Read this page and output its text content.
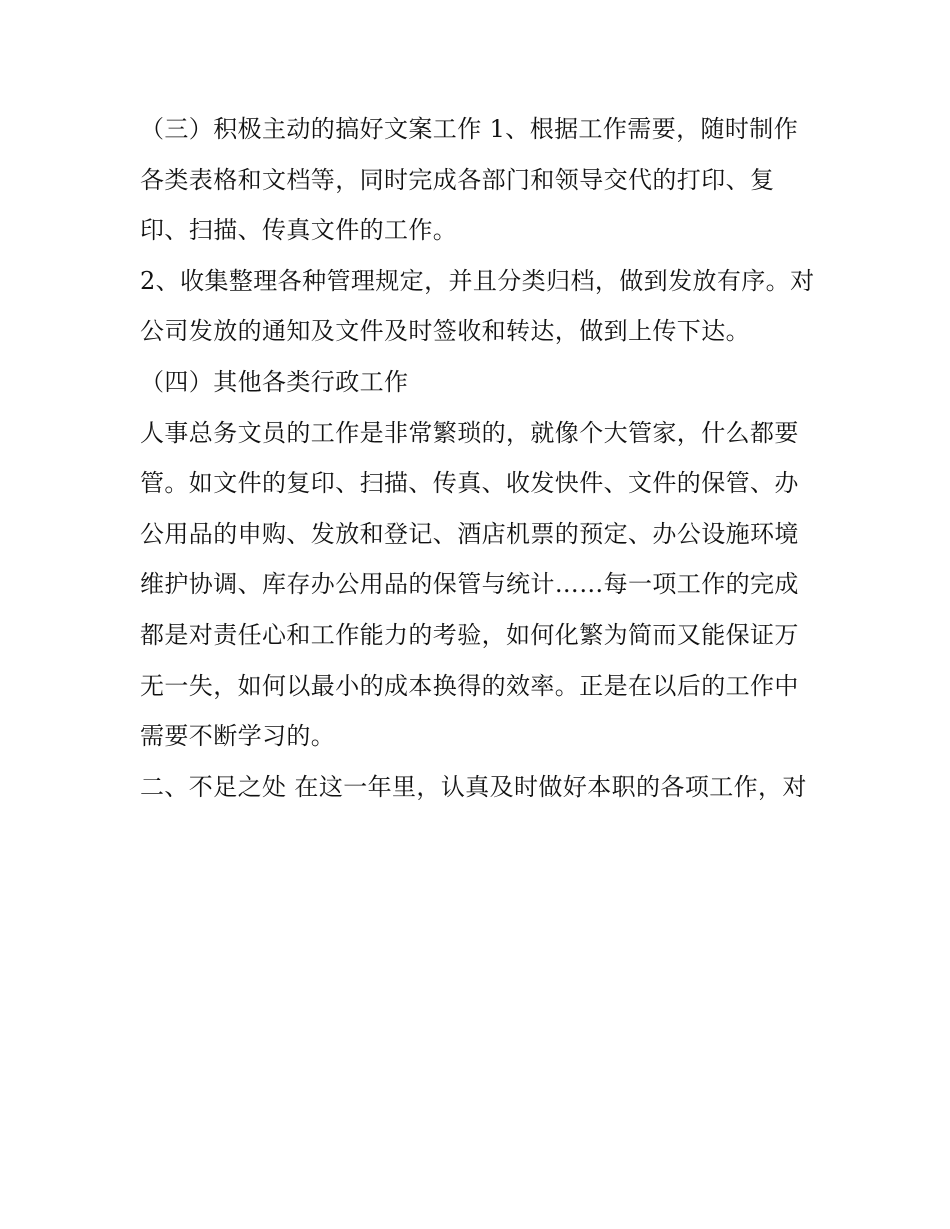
（三）积极主动的搞好文案工作 1、根据工作需要，随时制作各类表格和文档等，同时完成各部门和领导交代的打印、复印、扫描、传真文件的工作。

2、收集整理各种管理规定，并且分类归档，做到发放有序。对公司发放的通知及文件及时签收和转达，做到上传下达。

（四）其他各类行政工作

人事总务文员的工作是非常繁琐的，就像个大管家，什么都要管。如文件的复印、扫描、传真、收发快件、文件的保管、办公用品的申购、发放和登记、酒店机票的预定、办公设施环境维护协调、库存办公用品的保管与统计……每一项工作的完成都是对责任心和工作能力的考验，如何化繁为简而又能保证万无一失，如何以最小的成本换得的效率。正是在以后的工作中需要不断学习的。

二、不足之处 在这一年里，认真及时做好本职的各项工作，对
